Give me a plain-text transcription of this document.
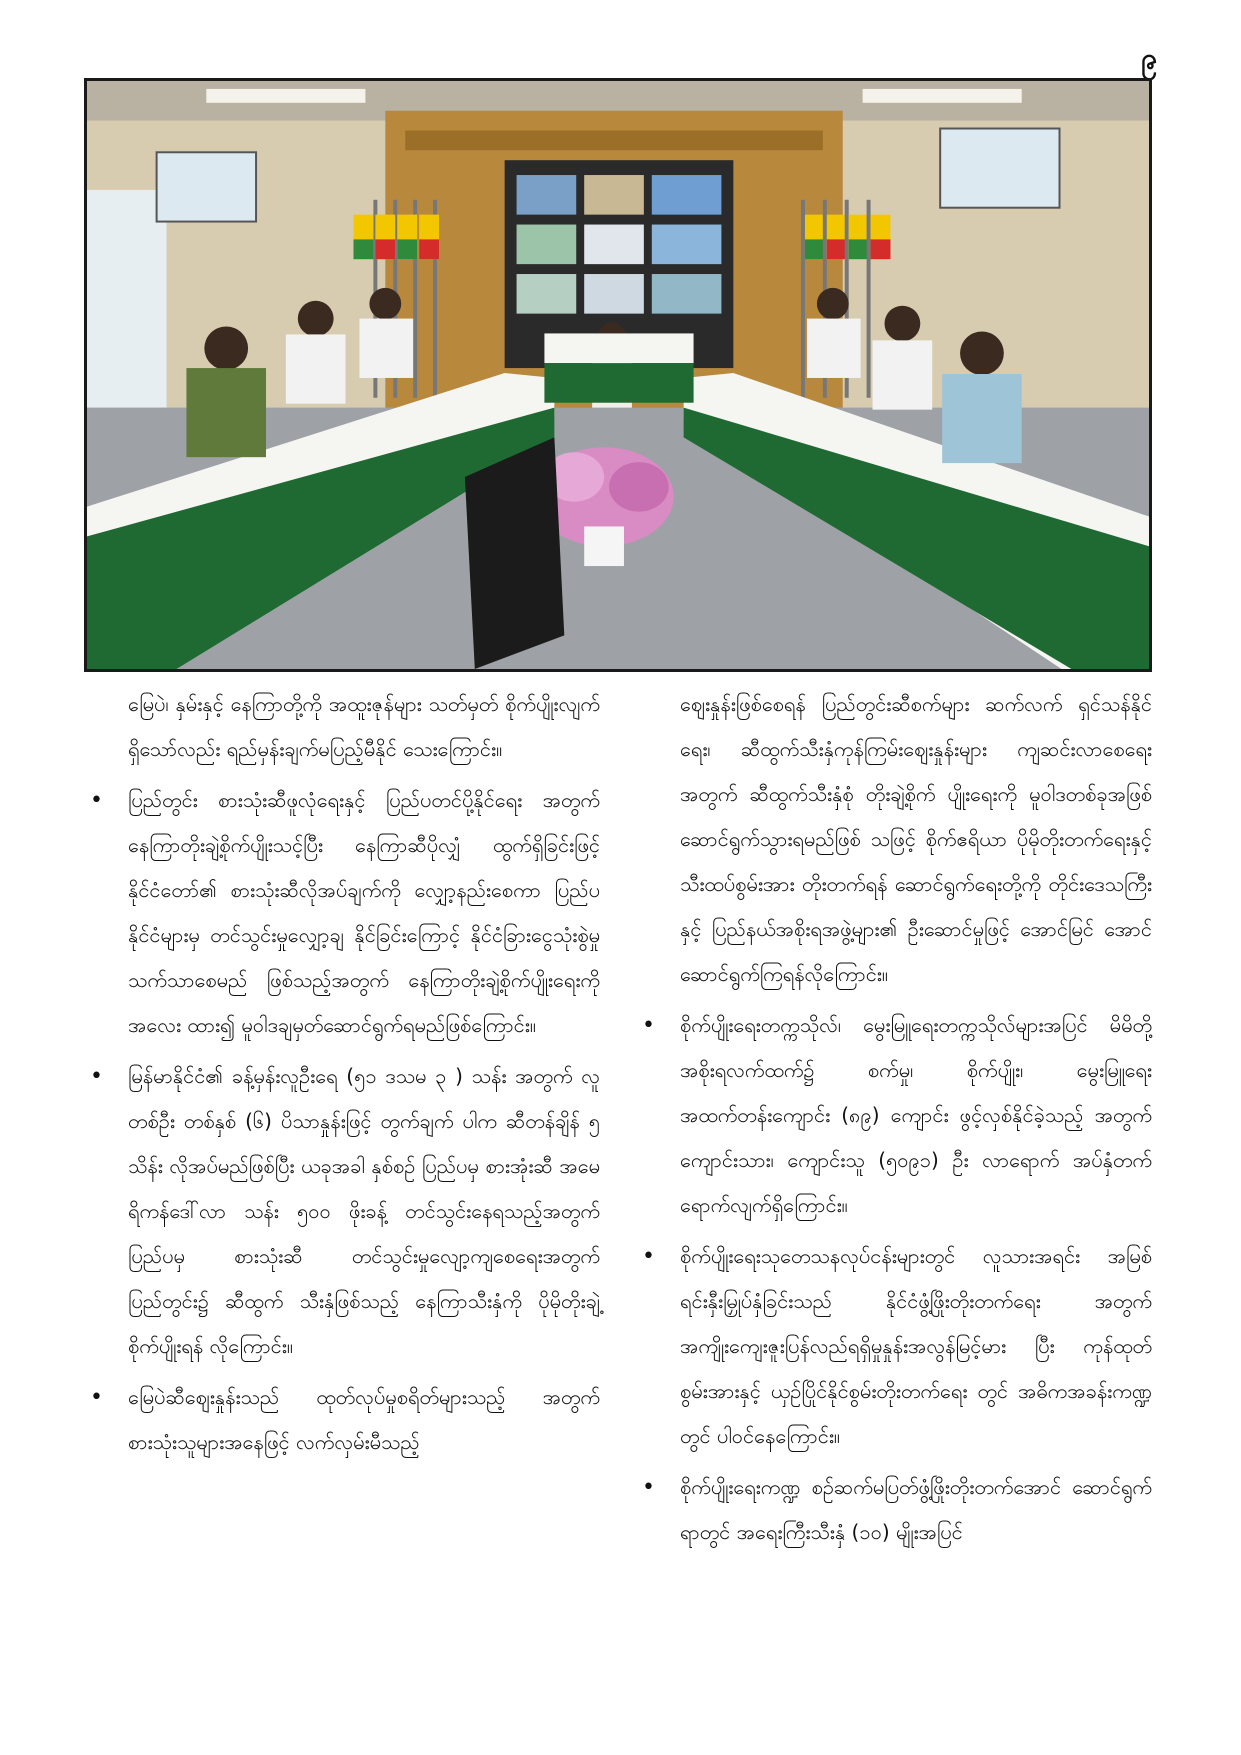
၉

မြေပဲ၊ နှမ်းနှင့် နေကြာတို့ကို အထူးဇုန်များ သတ်မှတ် စိုက်ပျိုးလျက်ရှိသော်လည်း ရည်မှန်းချက်မပြည့်မီနိုင် သေးကြောင်း။

•	ပြည်တွင်း စားသုံးဆီဖူလုံရေးနှင့် ပြည်ပတင်ပို့နိုင်ရေး အတွက် နေကြာတိုးချဲ့စိုက်ပျိုးသင့်ပြီး နေကြာဆီပိုလျှံ ထွက်ရှိခြင်းဖြင့် နိုင်ငံတော်၏ စားသုံးဆီလိုအပ်ချက်ကို လျှော့နည်းစေကာ ပြည်ပနိုင်ငံများမှ တင်သွင်းမှုလျှော့ချ နိုင်ခြင်းကြောင့် နိုင်ငံခြားငွေသုံးစွဲမှု သက်သာစေမည် ဖြစ်သည့်အတွက် နေကြာတိုးချဲ့စိုက်ပျိုးရေးကို အလေး ထား၍ မူဝါဒချမှတ်ဆောင်ရွက်ရမည်ဖြစ်ကြောင်း။
•	မြန်မာနိုင်ငံ၏ ခန့်မှန်းလူဦးရေ (၅၁ ဒသမ ၃ ) သန်း အတွက် လူတစ်ဦး တစ်နှစ် (၆) ပိသာနှုန်းဖြင့် တွက်ချက် ပါက ဆီတန်ချိန် ၅ သိန်း လိုအပ်မည်ဖြစ်ပြီး ယခုအခါ နှစ်စဉ် ပြည်ပမှ စားအုံးဆီ အမေရိကန်ဒေါ်လာ သန်း ၅၀၀ ဖိုးခန့် တင်သွင်းနေရသည့်အတွက် ပြည်ပမှ စားသုံးဆီ တင်သွင်းမှုလျော့ကျစေရေးအတွက် ပြည်တွင်း၌ ဆီထွက် သီးနှံဖြစ်သည့် နေကြာသီးနှံကို ပိုမိုတိုးချဲ့စိုက်ပျိုးရန် လိုကြောင်း။
•	မြေပဲဆီဈေးနှုန်းသည် ထုတ်လုပ်မှုစရိတ်များသည့် အတွက် စားသုံးသူများအနေဖြင့် လက်လှမ်းမီသည့်

ဈေးနှုန်းဖြစ်စေရန် ပြည်တွင်းဆီစက်များ ဆက်လက် ရှင်သန်နိုင်ရေး၊ ဆီထွက်သီးနှံကုန်ကြမ်းဈေးနှုန်းများ ကျဆင်းလာစေရေးအတွက် ဆီထွက်သီးနှံစုံ တိုးချဲ့စိုက် ပျိုးရေးကို မူဝါဒတစ်ခုအဖြစ် ဆောင်ရွက်သွားရမည်ဖြစ် သဖြင့် စိုက်ဧရိယာ ပိုမိုတိုးတက်ရေးနှင့် သီးထပ်စွမ်းအား တိုးတက်ရန် ဆောင်ရွက်ရေးတို့ကို တိုင်းဒေသကြီးနှင့် ပြည်နယ်အစိုးရအဖွဲ့များ၏ ဦးဆောင်မှုဖြင့် အောင်မြင် အောင် ဆောင်ရွက်ကြရန်လိုကြောင်း။

•	စိုက်ပျိုးရေးတက္ကသိုလ်၊ မွေးမြူရေးတက္ကသိုလ်များအပြင် မိမိတို့အစိုးရလက်ထက်၌ စက်မှု၊ စိုက်ပျိုး၊ မွေးမြူရေး အထက်တန်းကျောင်း (၈၉) ကျောင်း ဖွင့်လှစ်နိုင်ခဲ့သည့် အတွက် ကျောင်းသား၊ ကျောင်းသူ (၅၀၉၁) ဦး လာရောက် အပ်နှံတက်ရောက်လျက်ရှိကြောင်း။
•	စိုက်ပျိုးရေးသုတေသနလုပ်ငန်းများတွင် လူသားအရင်း အမြစ်ရင်းနှီးမြှုပ်နှံခြင်းသည် နိုင်ငံဖွံ့ဖြိုးတိုးတက်ရေး အတွက် အကျိုးကျေးဇူးပြန်လည်ရရှိမှုနှုန်းအလွန်မြင့်မား ပြီး ကုန်ထုတ်စွမ်းအားနှင့် ယှဉ်ပြိုင်နိုင်စွမ်းတိုးတက်ရေး တွင် အဓိကအခန်းကဏ္ဍတွင် ပါဝင်နေကြောင်း။
•	စိုက်ပျိုးရေးကဏ္ဍ စဉ်ဆက်မပြတ်ဖွံ့ဖြိုးတိုးတက်အောင် ဆောင်ရွက်ရာတွင် အရေးကြီးသီးနှံ (၁၀) မျိုးအပြင်
